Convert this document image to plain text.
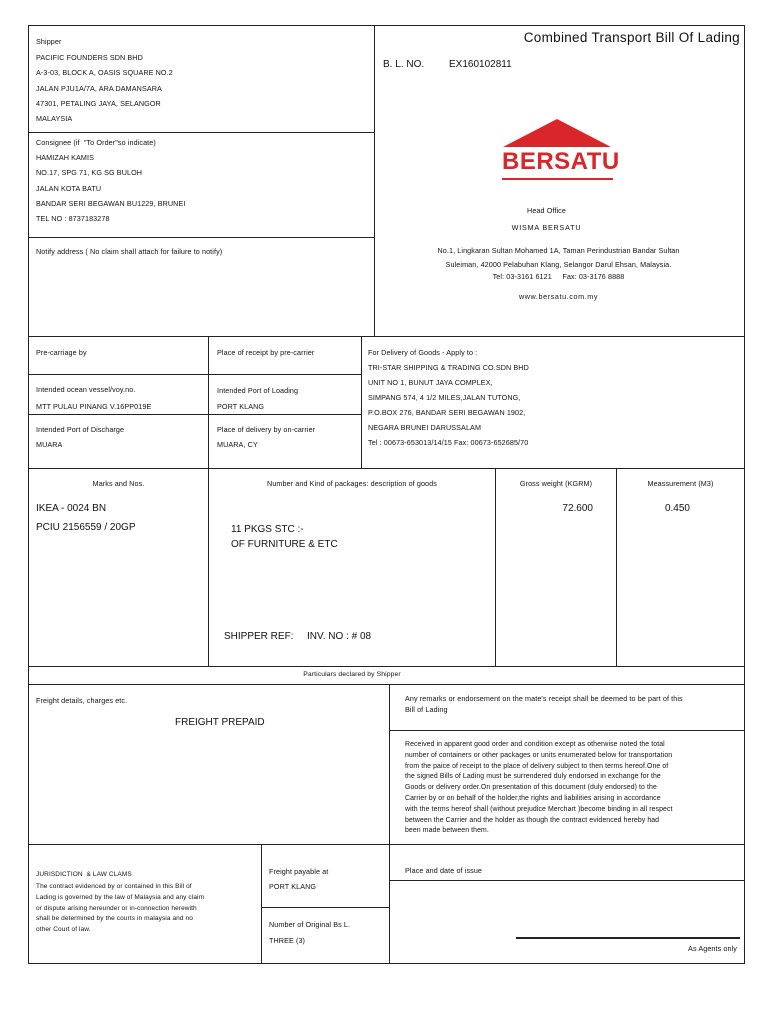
Combined Transport Bill Of Lading
Shipper
PACIFIC FOUNDERS SDN BHD
A-3-03, BLOCK A, OASIS SQUARE NO.2
JALAN PJU1A/7A, ARA DAMANSARA
47301, PETALING JAYA, SELANGOR
MALAYSIA
Consignee (if  "To Order"so indicate)
HAMIZAH KAMIS
NO.17, SPG 71, KG SG BULOH
JALAN KOTA BATU
BANDAR SERI BEGAWAN BU1229, BRUNEI
TEL NO : 8737183278
Notify address ( No claim shall attach for failure to notify)
B. L. NO. EX160102811
BERSATU
Head Office
WISMA BERSATU
No.1, Lingkaran Sultan Mohamed 1A, Taman Perindustrian Bandar Sultan
Suleiman, 42000 Pelabuhan Klang, Selangor Darul Ehsan, Malaysia.
Tel: 03-3161 6121     Fax: 03-3176 8888
www.bersatu.com.my
Pre-carriage by	Place of receipt by pre-carrier
Intended ocean vessel/voy.no.
MTT PULAU PINANG V.16PP019E
Intended Port of Loading
PORT KLANG
Intended Port of Discharge
MUARA
Place of delivery by on-carrier
MUARA, CY
For Delivery of Goods - Apply to :
TRI-STAR SHIPPING & TRADING CO.SDN BHD
UNIT NO 1, BUNUT JAYA COMPLEX,
SIMPANG 574, 4 1/2 MILES,JALAN TUTONG,
P.O.BOX 276, BANDAR SERI BEGAWAN 1902,
NEGARA BRUNEI DARUSSALAM
Tel : 00673-653013/14/15 Fax: 00673-652685/70
Marks and Nos.	Number and Kind of packages: description of goods	Gross weight (KGRM)	Meassurement (M3)
IKEA - 0024 BN
PCIU 2156559 / 20GP	11 PKGS STC :-
OF FURNITURE & ETC
72.600	0.450
SHIPPER REF: INV. NO : # 08
Particulars declared by Shipper
Freight details, charges etc.
FREIGHT PREPAID
Any remarks or endorsement on the mate's receipt shall be deemed to be part of this
Bill of Lading
Received in apparent good order and condition except as otherwise noted the total
number of containers or other packages or units enumerated below for transportation
from the paice of receipt to the place of delivery subject to then terms hereof.One of
the signed Bills of Lading must be surrendered duly endorsed in exchange for the
Goods or delivery order.On presentation of this document (duly endorsed) to the
Carrier by or on behalf of the holder,the rights and liabilities arising in accordance
with the terms hereof shall (without prejudice Merchart )become binding in all respect
between the Carrier and the holder as though the contract evidenced hereby had
been made between them.
JURISDICTION  & LAW CLAMS
The contract evidenced by or contained in this Bill of
Lading is governed by the law of Malaysia and any claim
or dispute arising hereunder or in-connection herewith
shall be determined by the courts in malaysia and no
other Court of law.
Freight payable at
PORT KLANG
Number of Original Bs L.
THREE (3)
Place and date of issue
As Agents only
